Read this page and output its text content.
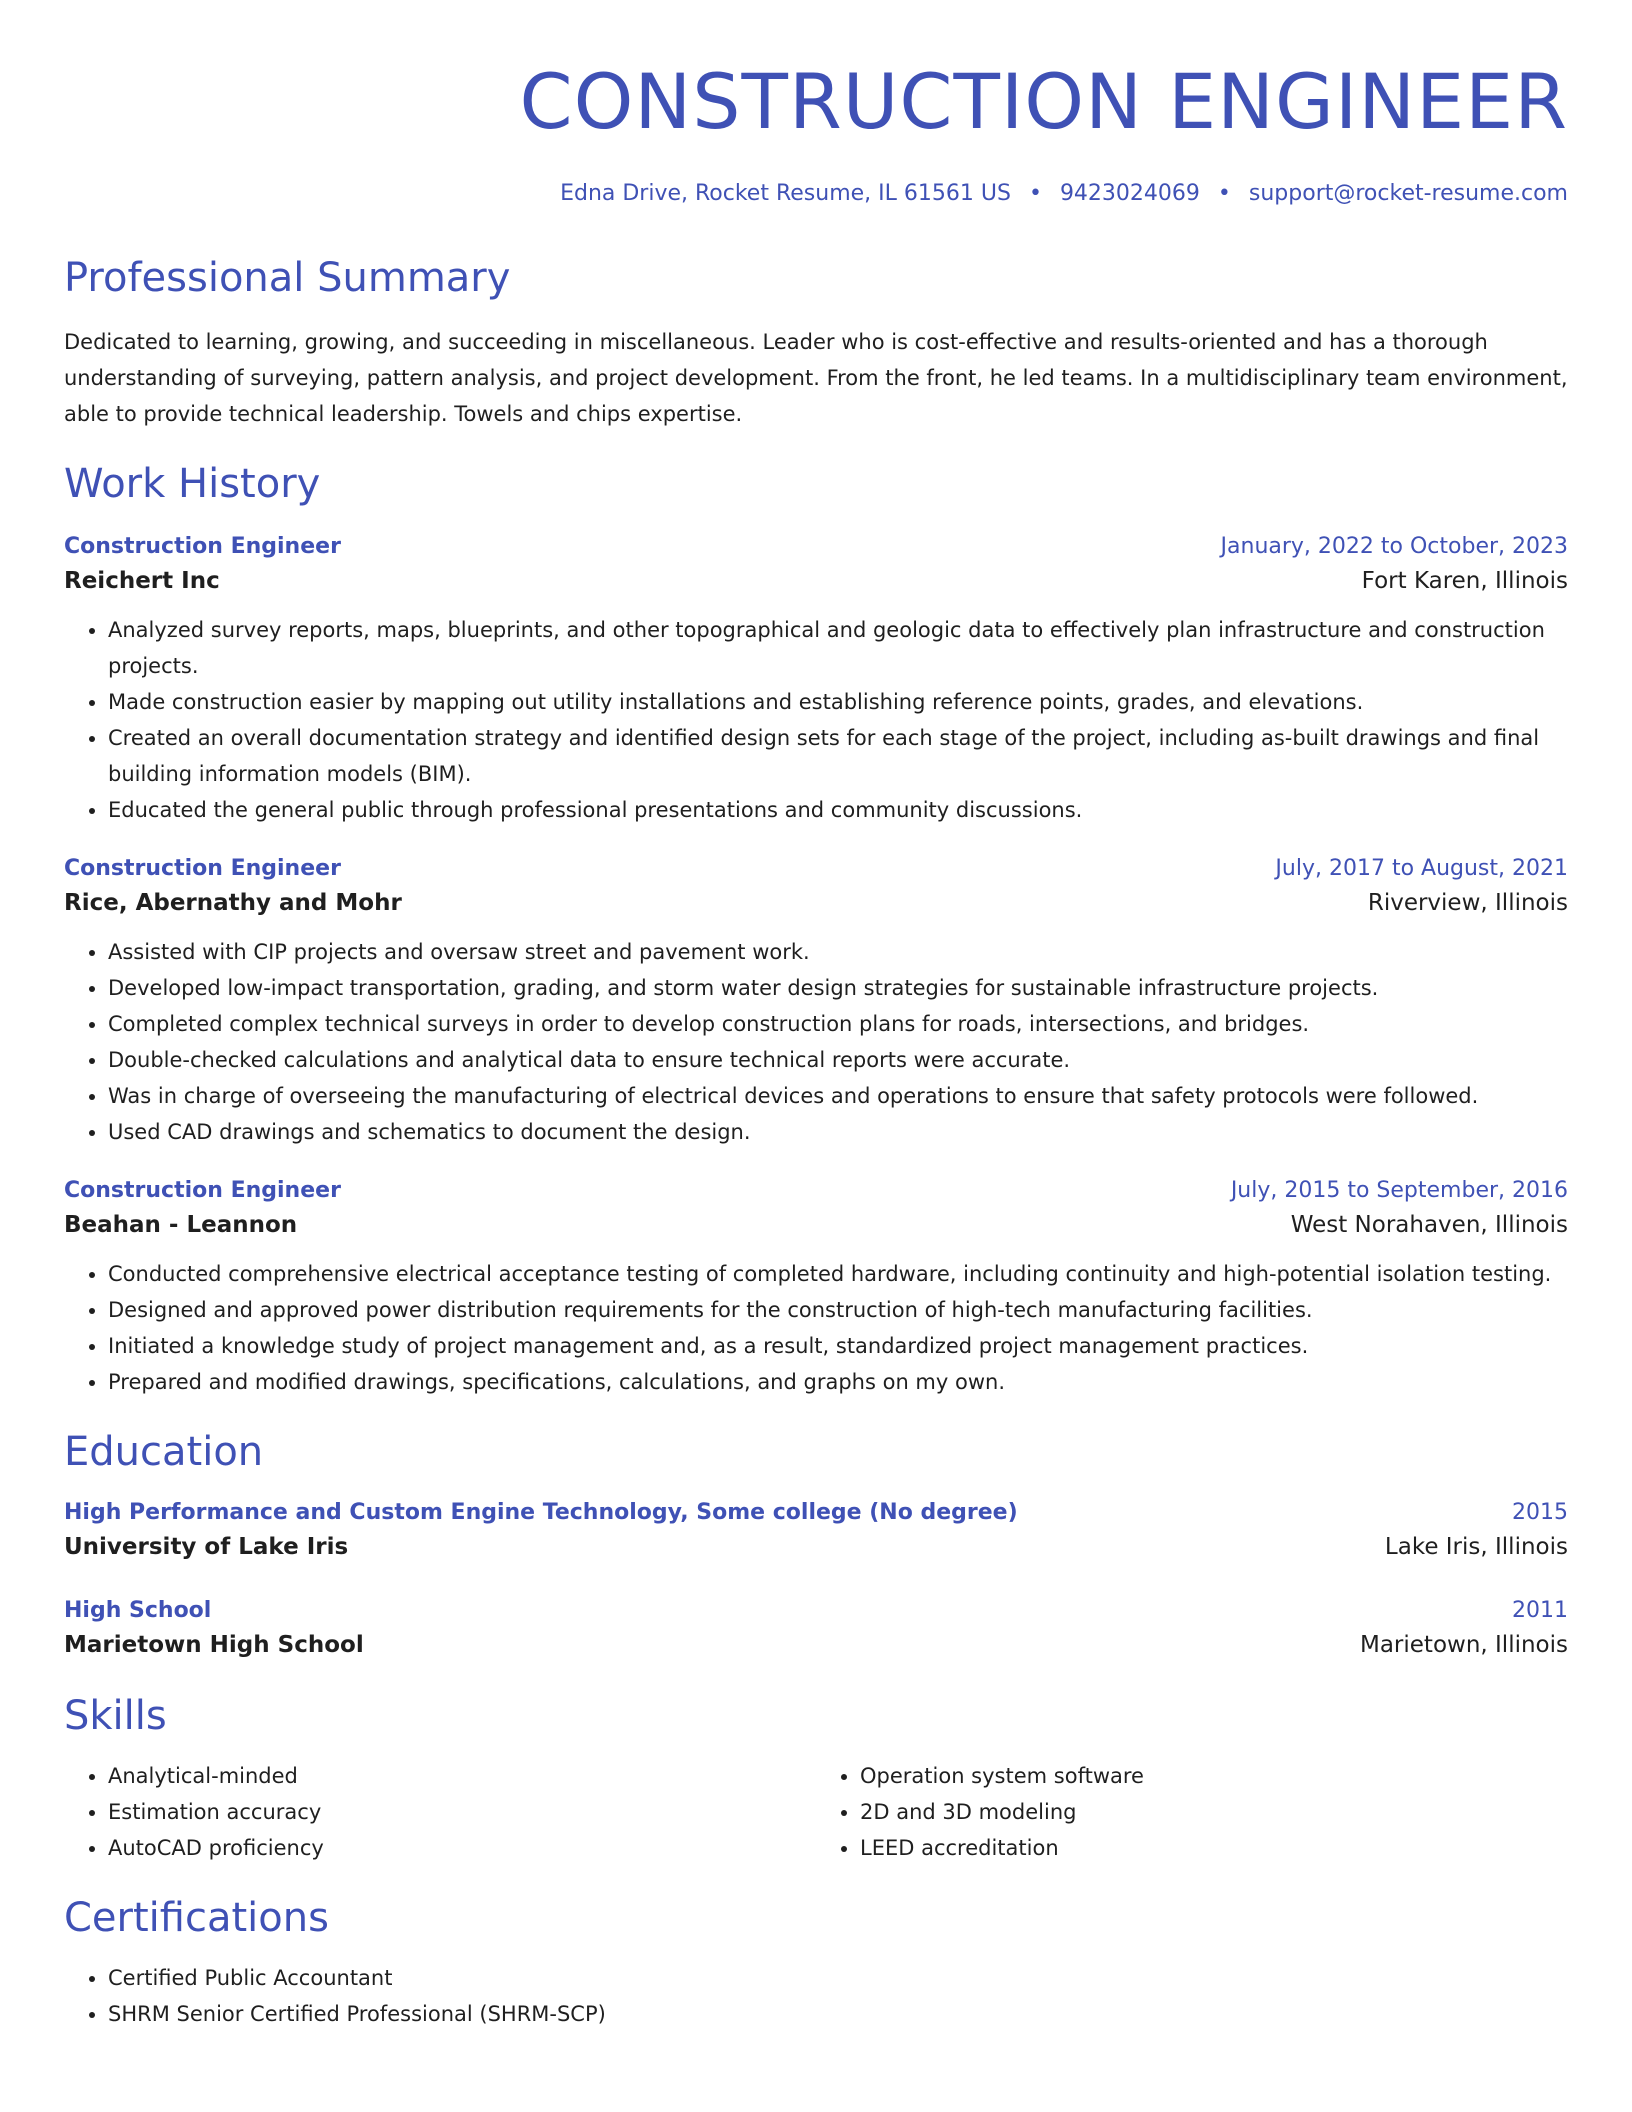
CONSTRUCTION ENGINEER
Edna Drive, Rocket Resume, IL 61561 US • 9423024069 • support@rocket-resume.com
Professional Summary

Dedicated to learning, growing, and succeeding in miscellaneous. Leader who is cost-effective and results-oriented and has a thorough understanding of surveying, pattern analysis, and project development. From the front, he led teams. In a multidisciplinary team environment, able to provide technical leadership. Towels and chips expertise.

Work History
Construction Engineer	January, 2022 to October, 2023
Reichert Inc	Fort Karen, Illinois
• Analyzed survey reports, maps, blueprints, and other topographical and geologic data to effectively plan infrastructure and construction projects.
• Made construction easier by mapping out utility installations and establishing reference points, grades, and elevations.
• Created an overall documentation strategy and identified design sets for each stage of the project, including as-built drawings and final building information models (BIM).
• Educated the general public through professional presentations and community discussions.
Construction Engineer	July, 2017 to August, 2021
Rice, Abernathy and Mohr	Riverview, Illinois
• Assisted with CIP projects and oversaw street and pavement work.
• Developed low-impact transportation, grading, and storm water design strategies for sustainable infrastructure projects.
• Completed complex technical surveys in order to develop construction plans for roads, intersections, and bridges.
• Double-checked calculations and analytical data to ensure technical reports were accurate.
• Was in charge of overseeing the manufacturing of electrical devices and operations to ensure that safety protocols were followed.
• Used CAD drawings and schematics to document the design.
Construction Engineer	July, 2015 to September, 2016
Beahan - Leannon	West Norahaven, Illinois
• Conducted comprehensive electrical acceptance testing of completed hardware, including continuity and high-potential isolation testing.
• Designed and approved power distribution requirements for the construction of high-tech manufacturing facilities.
• Initiated a knowledge study of project management and, as a result, standardized project management practices.
• Prepared and modified drawings, specifications, calculations, and graphs on my own.
Education
High Performance and Custom Engine Technology, Some college (No degree)	2015
University of Lake Iris	Lake Iris, Illinois
High School	2011
Marietown High School	Marietown, Illinois
Skills
• Analytical-minded
• Estimation accuracy
• AutoCAD proficiency
• Operation system software
• 2D and 3D modeling
• LEED accreditation
Certifications
• Certified Public Accountant
• SHRM Senior Certified Professional (SHRM-SCP)
